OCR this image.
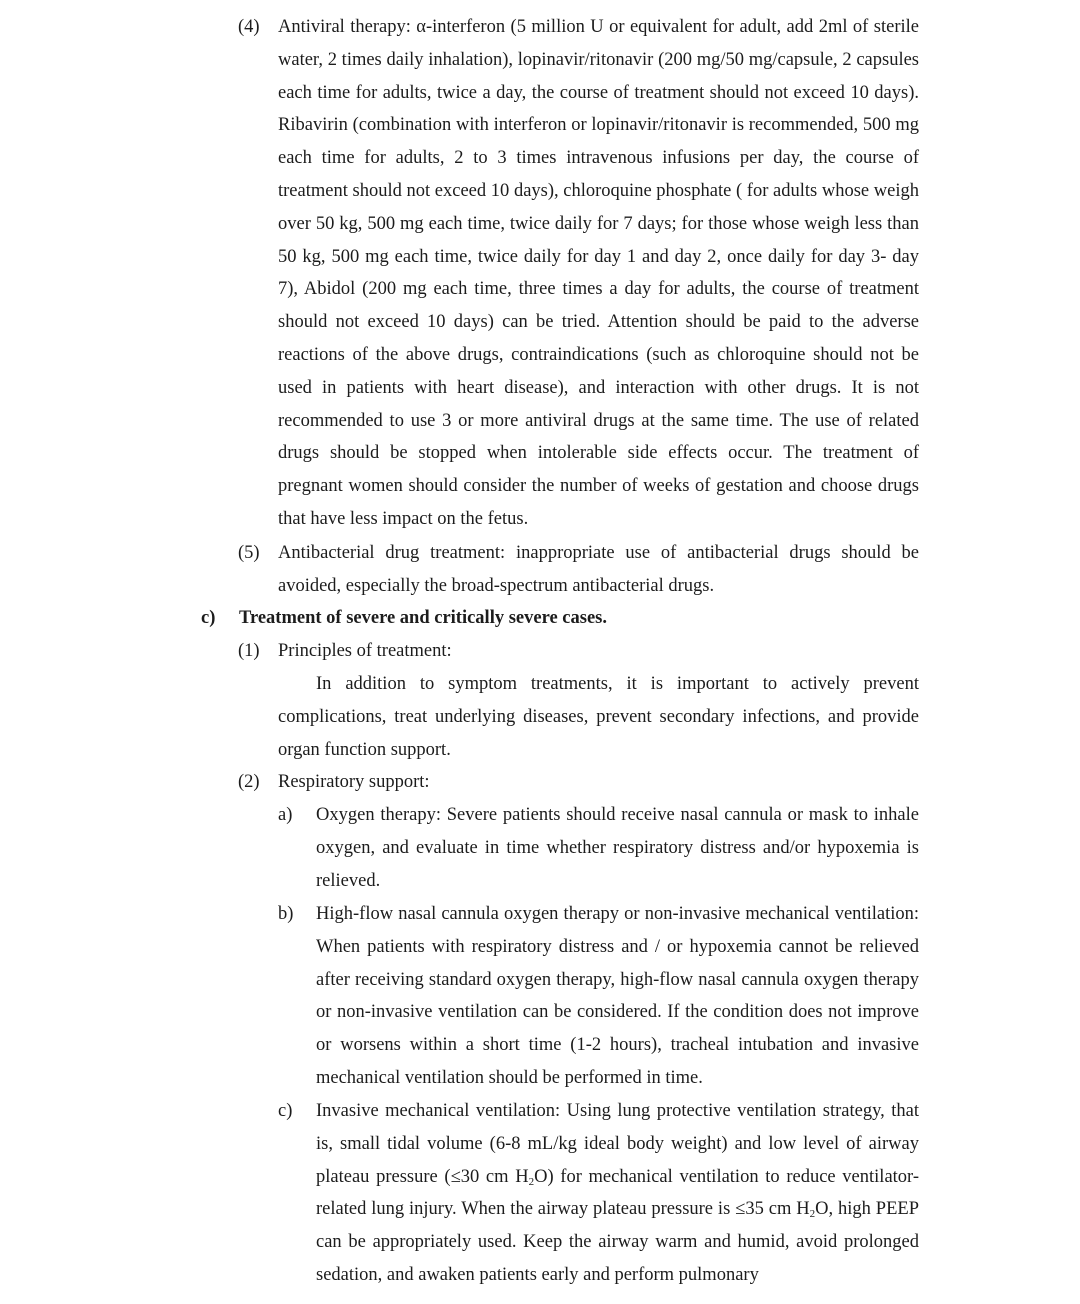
(4) Antiviral therapy: α-interferon (5 million U or equivalent for adult, add 2ml of sterile water, 2 times daily inhalation), lopinavir/ritonavir (200 mg/50 mg/capsule, 2 capsules each time for adults, twice a day, the course of treatment should not exceed 10 days). Ribavirin (combination with interferon or lopinavir/ritonavir is recommended, 500 mg each time for adults, 2 to 3 times intravenous infusions per day, the course of treatment should not exceed 10 days), chloroquine phosphate ( for adults whose weigh over 50 kg, 500 mg each time, twice daily for 7 days; for those whose weigh less than 50 kg, 500 mg each time, twice daily for day 1 and day 2, once daily for day 3- day 7), Abidol (200 mg each time, three times a day for adults, the course of treatment should not exceed 10 days) can be tried. Attention should be paid to the adverse reactions of the above drugs, contraindications (such as chloroquine should not be used in patients with heart disease), and interaction with other drugs. It is not recommended to use 3 or more antiviral drugs at the same time. The use of related drugs should be stopped when intolerable side effects occur. The treatment of pregnant women should consider the number of weeks of gestation and choose drugs that have less impact on the fetus.

(5) Antibacterial drug treatment: inappropriate use of antibacterial drugs should be avoided, especially the broad-spectrum antibacterial drugs.

c) Treatment of severe and critically severe cases.
(1) Principles of treatment:

In addition to symptom treatments, it is important to actively prevent complications, treat underlying diseases, prevent secondary infections, and provide organ function support.

(2) Respiratory support:
a) Oxygen therapy: Severe patients should receive nasal cannula or mask to inhale oxygen, and evaluate in time whether respiratory distress and/or hypoxemia is relieved.

b) High-flow nasal cannula oxygen therapy or non-invasive mechanical ventilation: When patients with respiratory distress and / or hypoxemia cannot be relieved after receiving standard oxygen therapy, high-flow nasal cannula oxygen therapy or non-invasive ventilation can be considered. If the condition does not improve or worsens within a short time (1-2 hours), tracheal intubation and invasive mechanical ventilation should be performed in time.

c) Invasive mechanical ventilation: Using lung protective ventilation strategy, that is, small tidal volume (6-8 mL/kg ideal body weight) and low level of airway plateau pressure (≤30 cm $H_2O$) for mechanical ventilation to reduce ventilator-related lung injury. When the airway plateau pressure is ≤35 cm $H_2O$, high PEEP can be appropriately used. Keep the airway warm and humid, avoid prolonged sedation, and awaken patients early and perform pulmonary
